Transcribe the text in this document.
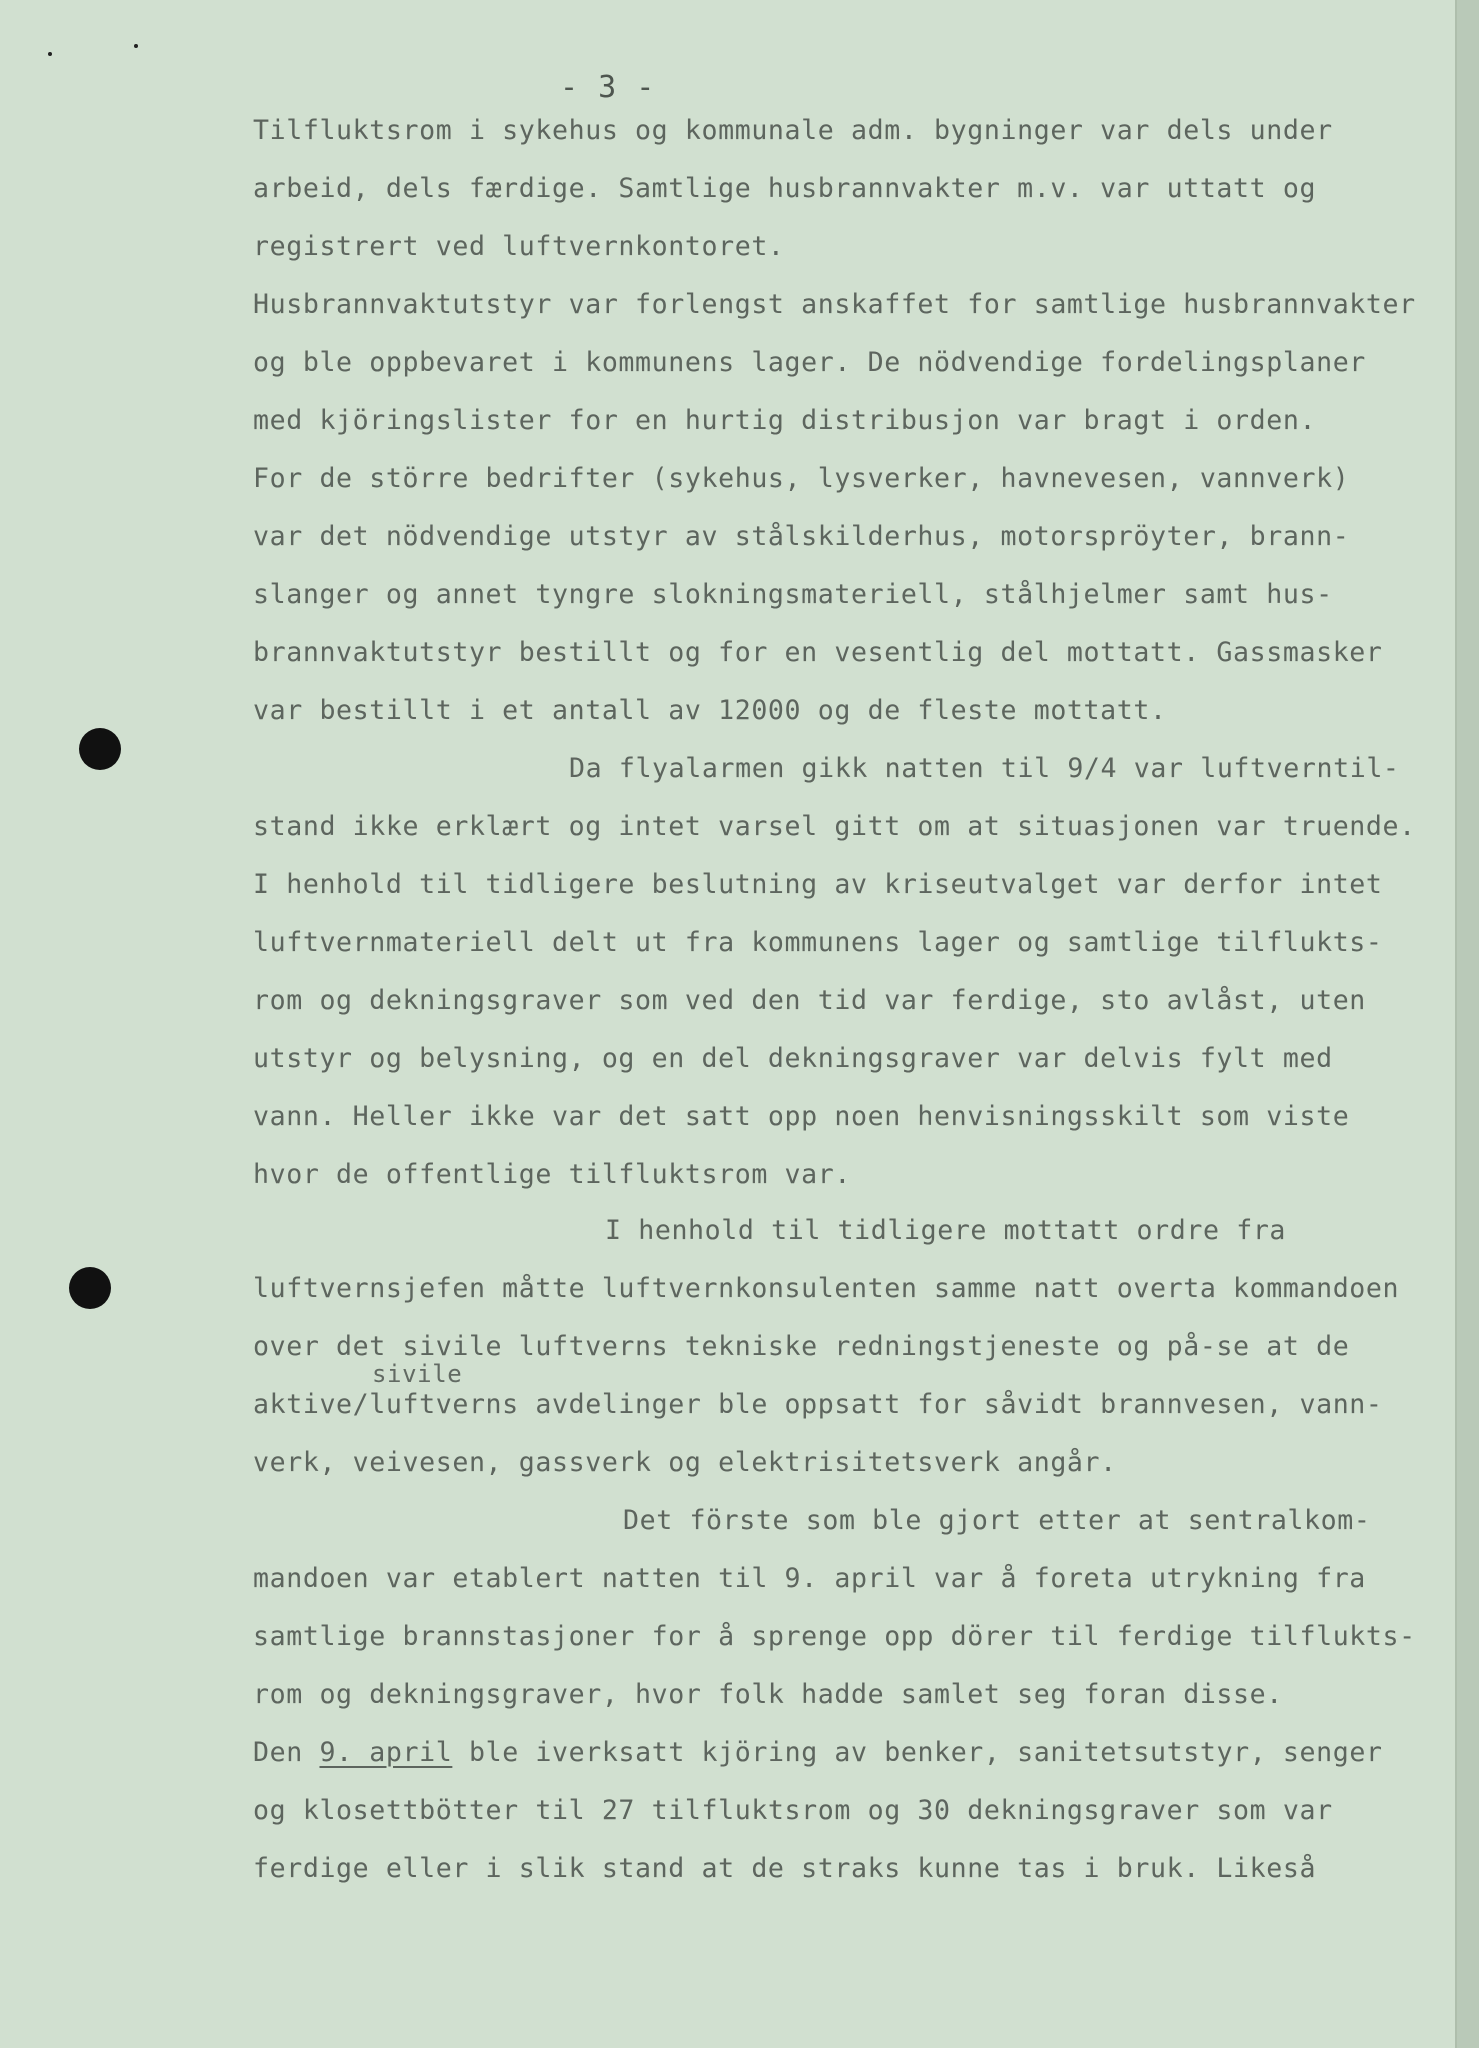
- 3 -
Tilfluktsrom i sykehus og kommunale adm. bygninger var dels under
arbeid, dels færdige. Samtlige husbrannvakter m.v. var uttatt og
registrert ved luftvernkontoret.
Husbrannvaktutstyr var forlengst anskaffet for samtlige husbrannvakter
og ble oppbevaret i kommunens lager. De nödvendige fordelingsplaner
med kjöringslister for en hurtig distribusjon var bragt i orden.
For de större bedrifter (sykehus, lysverker, havnevesen, vannverk)
var det nödvendige utstyr av stålskilderhus, motorspröyter, brann-
slanger og annet tyngre slokningsmateriell, stålhjelmer samt hus-
brannvaktutstyr bestillt og for en vesentlig del mottatt. Gassmasker
var bestillt i et antall av 12000 og de fleste mottatt.
Da flyalarmen gikk natten til 9/4 var luftverntil-
stand ikke erklært og intet varsel gitt om at situasjonen var truende.
I henhold til tidligere beslutning av kriseutvalget var derfor intet
luftvernmateriell delt ut fra kommunens lager og samtlige tilflukts-
rom og dekningsgraver som ved den tid var ferdige, sto avlåst, uten
utstyr og belysning, og en del dekningsgraver var delvis fylt med
vann. Heller ikke var det satt opp noen henvisningsskilt som viste
hvor de offentlige tilfluktsrom var.
I henhold til tidligere mottatt ordre fra
luftvernsjefen måtte luftvernkonsulenten samme natt overta kommandoen
over det sivile luftverns tekniske redningstjeneste og på-se at de
sivile
aktive/luftverns avdelinger ble oppsatt for såvidt brannvesen, vann-
verk, veivesen, gassverk og elektrisitetsverk angår.
Det förste som ble gjort etter at sentralkom-
mandoen var etablert natten til 9. april var å foreta utrykning fra
samtlige brannstasjoner for å sprenge opp dörer til ferdige tilflukts-
rom og dekningsgraver, hvor folk hadde samlet seg foran disse.
Den 9. april ble iverksatt kjöring av benker, sanitetsutstyr, senger
og klosettbötter til 27 tilfluktsrom og 30 dekningsgraver som var
ferdige eller i slik stand at de straks kunne tas i bruk. Likeså
